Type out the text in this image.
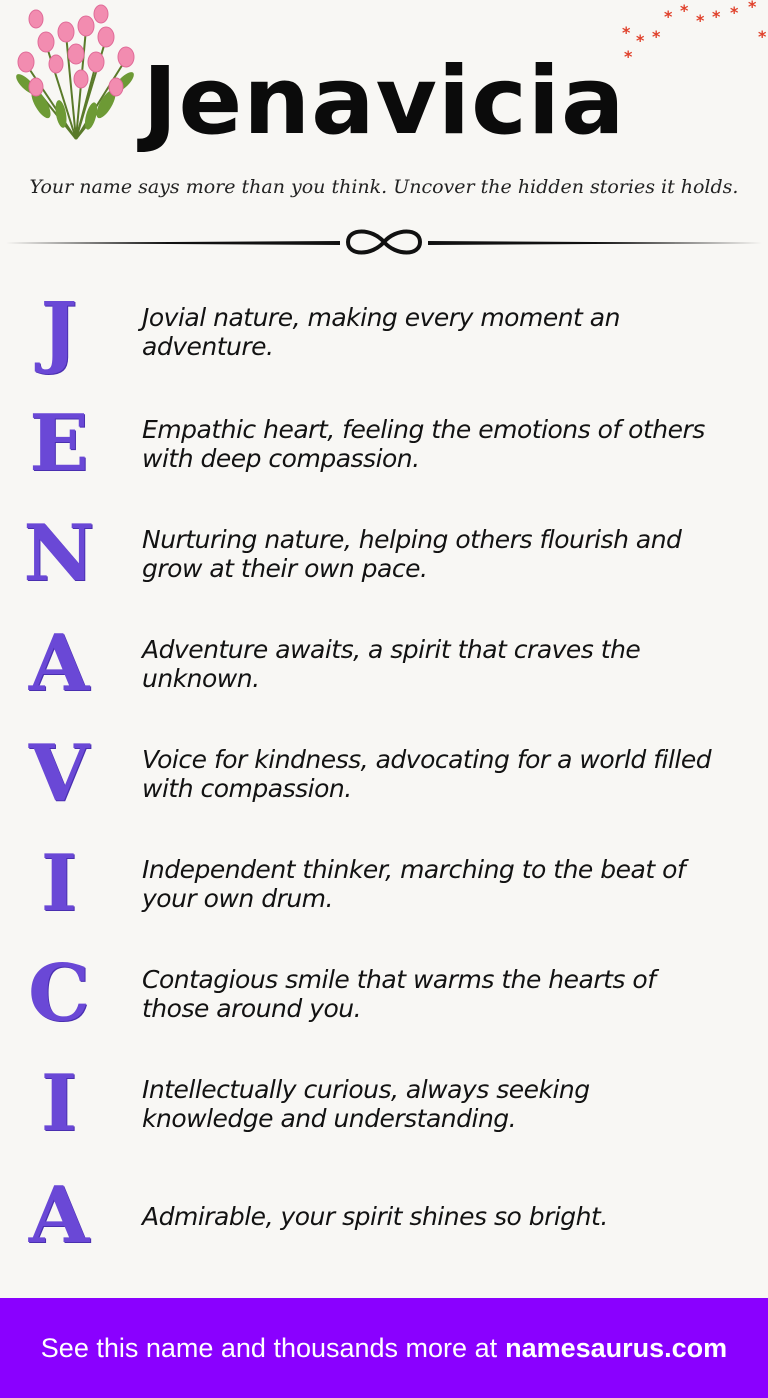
* *
* * * *
* * *
*
*
Jenavicia
Your name says more than you think. Uncover the hidden stories it holds.
J	Jovial nature, making every moment an adventure.
E	Empathic heart, feeling the emotions of others with deep compassion.
N	Nurturing nature, helping others flourish and grow at their own pace.
A	Adventure awaits, a spirit that craves the unknown.
V	Voice for kindness, advocating for a world filled with compassion.
I	Independent thinker, marching to the beat of your own drum.
C	Contagious smile that warms the hearts of those around you.
I	Intellectually curious, always seeking knowledge and understanding.
A	Admirable, your spirit shines so bright.
See this name and thousands more at namesaurus.com
